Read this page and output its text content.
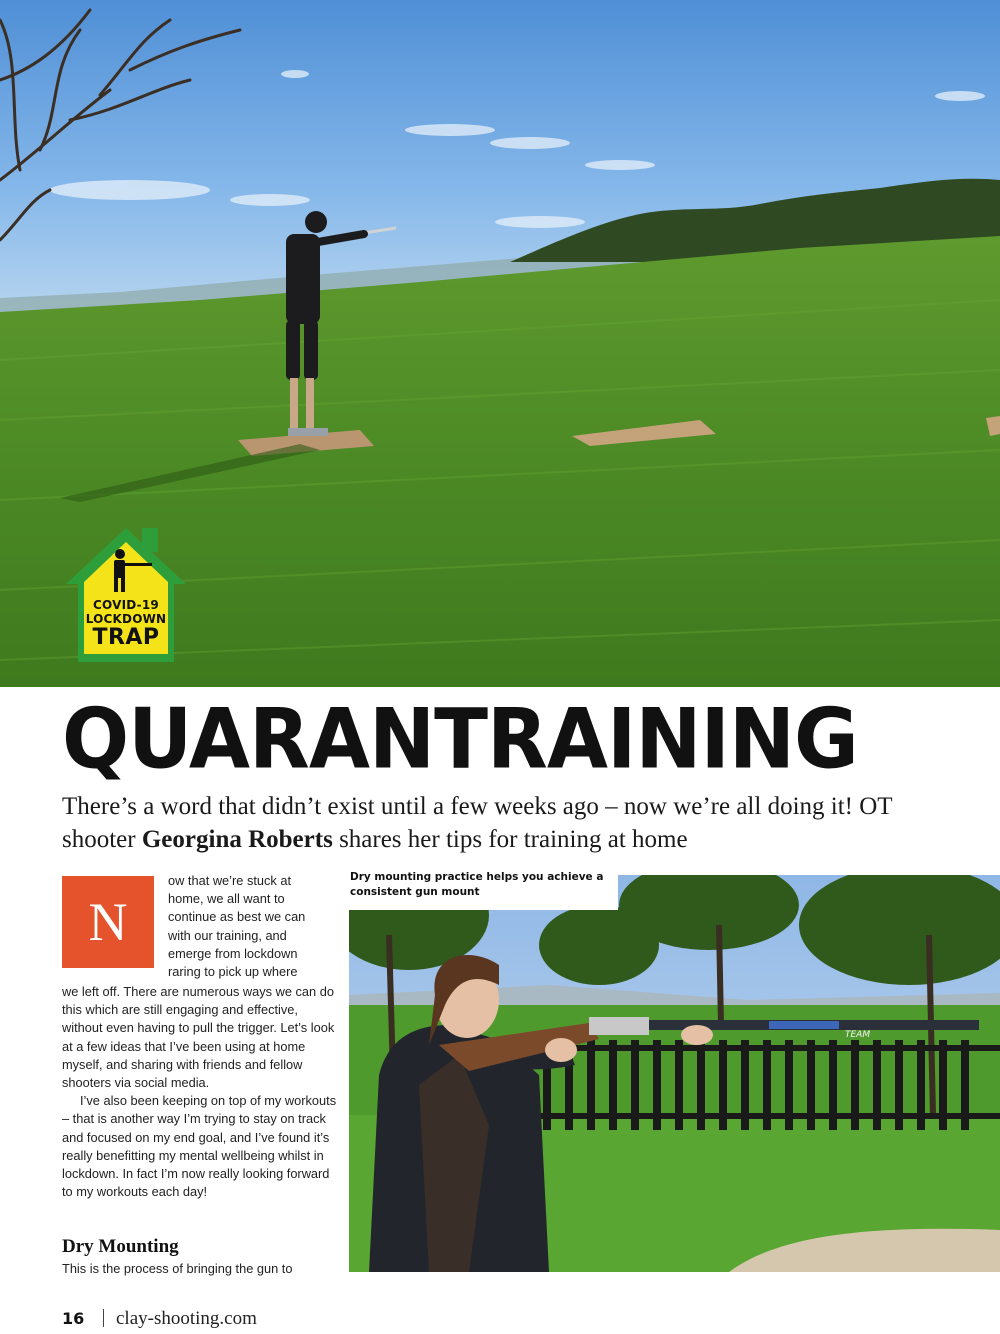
COVID-19
LOCKDOWN
TRAP
QUARANTRAINING

There’s a word that didn’t exist until a few weeks ago – now we’re all doing it! OT shooter Georgina Roberts shares her tips for training at home

N
ow that we’re stuck at
home, we all want to
continue as best we can
with our training, and
emerge from lockdown
raring to pick up where

we left off. There are numerous ways we can do this which are still engaging and effective, without even having to pull the trigger. Let’s look at a few ideas that I’ve been using at home myself, and sharing with friends and fellow shooters via social media.

I’ve also been keeping on top of my workouts – that is another way I’m trying to stay on track and focused on my end goal, and I’ve found it’s really benefitting my mental wellbeing whilst in lockdown. In fact I’m now really looking forward to my workouts each day!

Dry Mounting
This is the process of bringing the gun to
TEAM
Dry mounting practice helps you achieve a consistent gun mount
16 clay-shooting.com
